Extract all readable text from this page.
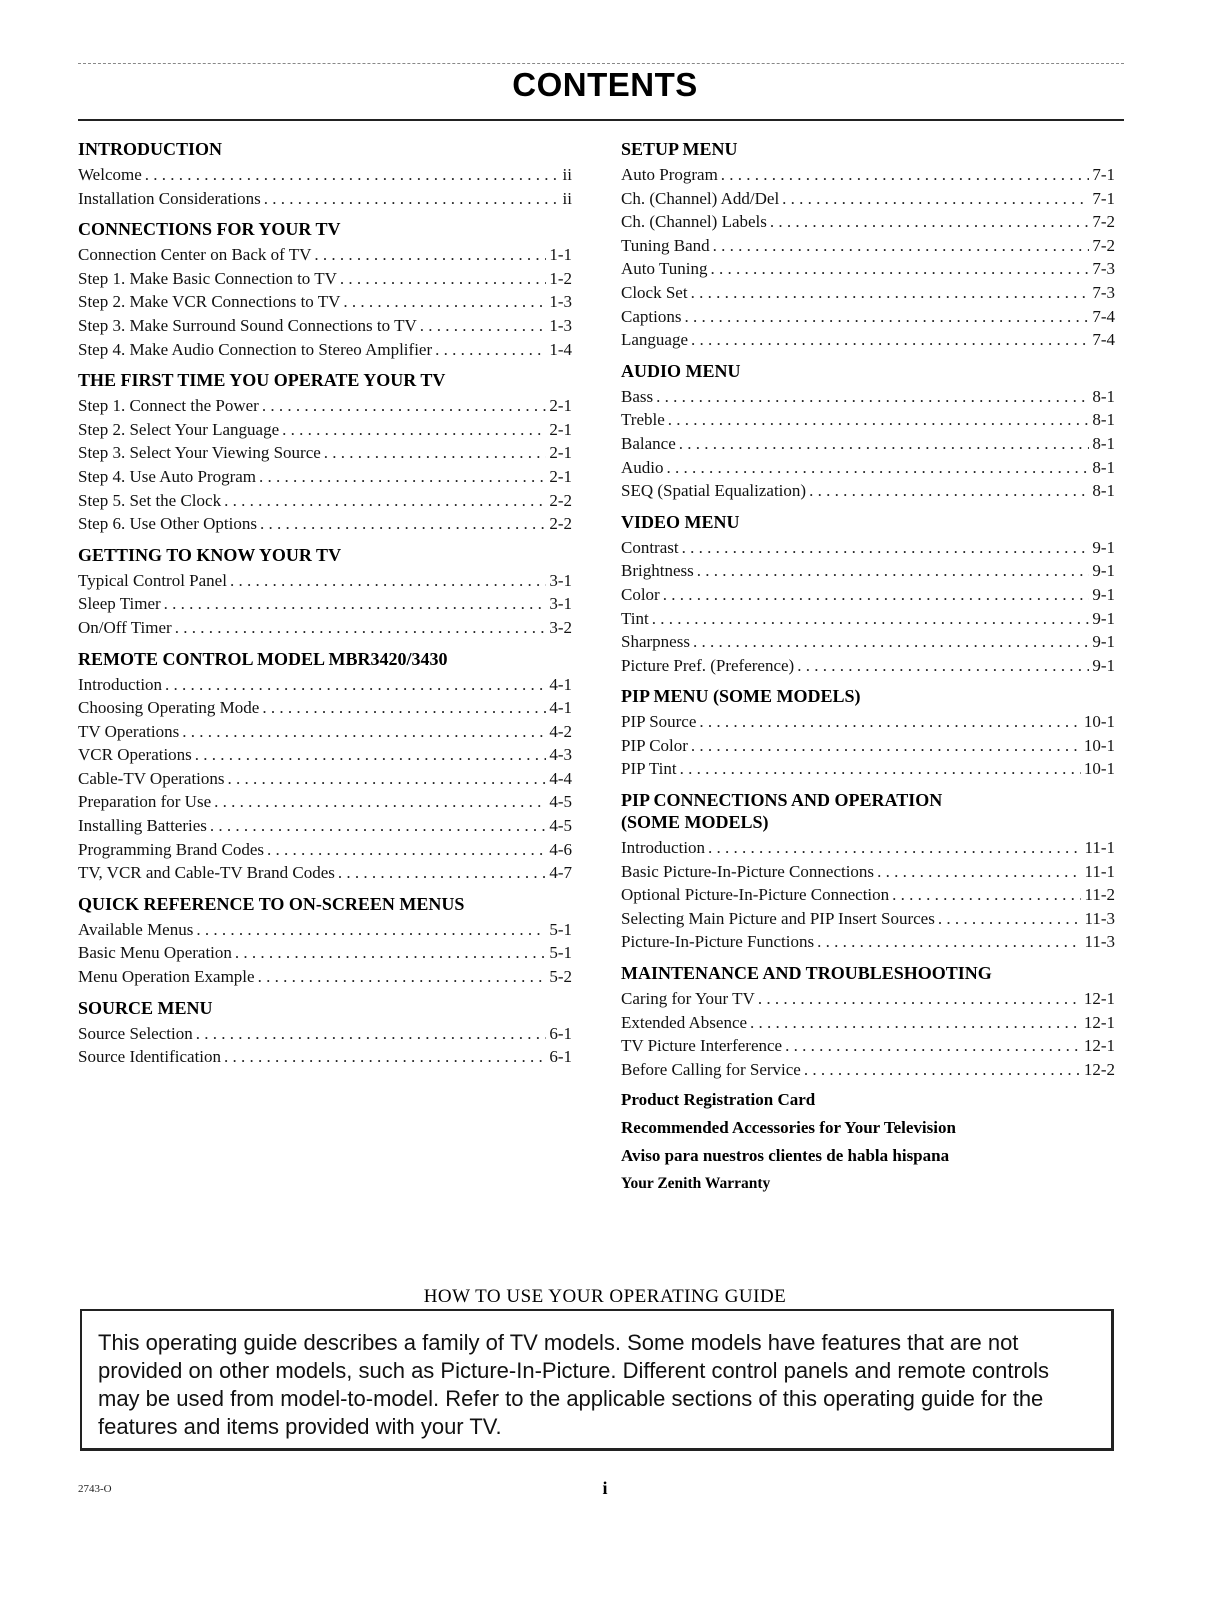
CONTENTS
INTRODUCTION
Welcome . . .	ii
Installation Considerations . . .	ii
CONNECTIONS FOR YOUR TV
Connection Center on Back of TV . . .	1-1
Step 1. Make Basic Connection to TV . . .	1-2
Step 2. Make VCR Connections to TV . . .	1-3
Step 3. Make Surround Sound Connections to TV . . .	1-3
Step 4. Make Audio Connection to Stereo Amplifier . . .	1-4
THE FIRST TIME YOU OPERATE YOUR TV
Step 1. Connect the Power . . .	2-1
Step 2. Select Your Language . . .	2-1
Step 3. Select Your Viewing Source . . .	2-1
Step 4. Use Auto Program . . .	2-1
Step 5. Set the Clock . . .	2-2
Step 6. Use Other Options . . .	2-2
GETTING TO KNOW YOUR TV
Typical Control Panel . . .	3-1
Sleep Timer . . .	3-1
On/Off Timer . . .	3-2
REMOTE CONTROL MODEL MBR3420/3430
Introduction . . .	4-1
Choosing Operating Mode . . .	4-1
TV Operations . . .	4-2
VCR Operations . . .	4-3
Cable-TV Operations . . .	4-4
Preparation for Use . . .	4-5
Installing Batteries . . .	4-5
Programming Brand Codes . . .	4-6
TV, VCR and Cable-TV Brand Codes . . .	4-7
QUICK REFERENCE TO ON-SCREEN MENUS
Available Menus . . .	5-1
Basic Menu Operation . . .	5-1
Menu Operation Example . . .	5-2
SOURCE MENU
Source Selection . . .	6-1
Source Identification . . .	6-1
SETUP MENU
Auto Program . . .	7-1
Ch. (Channel) Add/Del . . .	7-1
Ch. (Channel) Labels . . .	7-2
Tuning Band . . .	7-2
Auto Tuning . . .	7-3
Clock Set . . .	7-3
Captions . . .	7-4
Language . . .	7-4
AUDIO MENU
Bass . . .	8-1
Treble . . .	8-1
Balance . . .	8-1
Audio . . .	8-1
SEQ (Spatial Equalization) . . .	8-1
VIDEO MENU
Contrast . . .	9-1
Brightness . . .	9-1
Color . . .	9-1
Tint . . .	9-1
Sharpness . . .	9-1
Picture Pref. (Preference) . . .	9-1
PIP MENU (SOME MODELS)
PIP Source . . .	10-1
PIP Color . . .	10-1
PIP Tint . . .	10-1
PIP CONNECTIONS AND OPERATION
(SOME MODELS)
Introduction . . .	11-1
Basic Picture-In-Picture Connections . . .	11-1
Optional Picture-In-Picture Connection . . .	11-2
Selecting Main Picture and PIP Insert Sources . . .	11-3
Picture-In-Picture Functions . . .	11-3
MAINTENANCE AND TROUBLESHOOTING
Caring for Your TV . . .	12-1
Extended Absence . . .	12-1
TV Picture Interference . . .	12-1
Before Calling for Service . . .	12-2
Product Registration Card
Recommended Accessories for Your Television
Aviso para nuestros clientes de habla hispana
Your Zenith Warranty
HOW TO USE YOUR OPERATING GUIDE
This operating guide describes a family of TV models. Some models have features that are not provided on other models, such as Picture-In-Picture. Different control panels and remote controls may be used from model-to-model. Refer to the applicable sections of this operating guide for the features and items provided with your TV.
2743-O	i
